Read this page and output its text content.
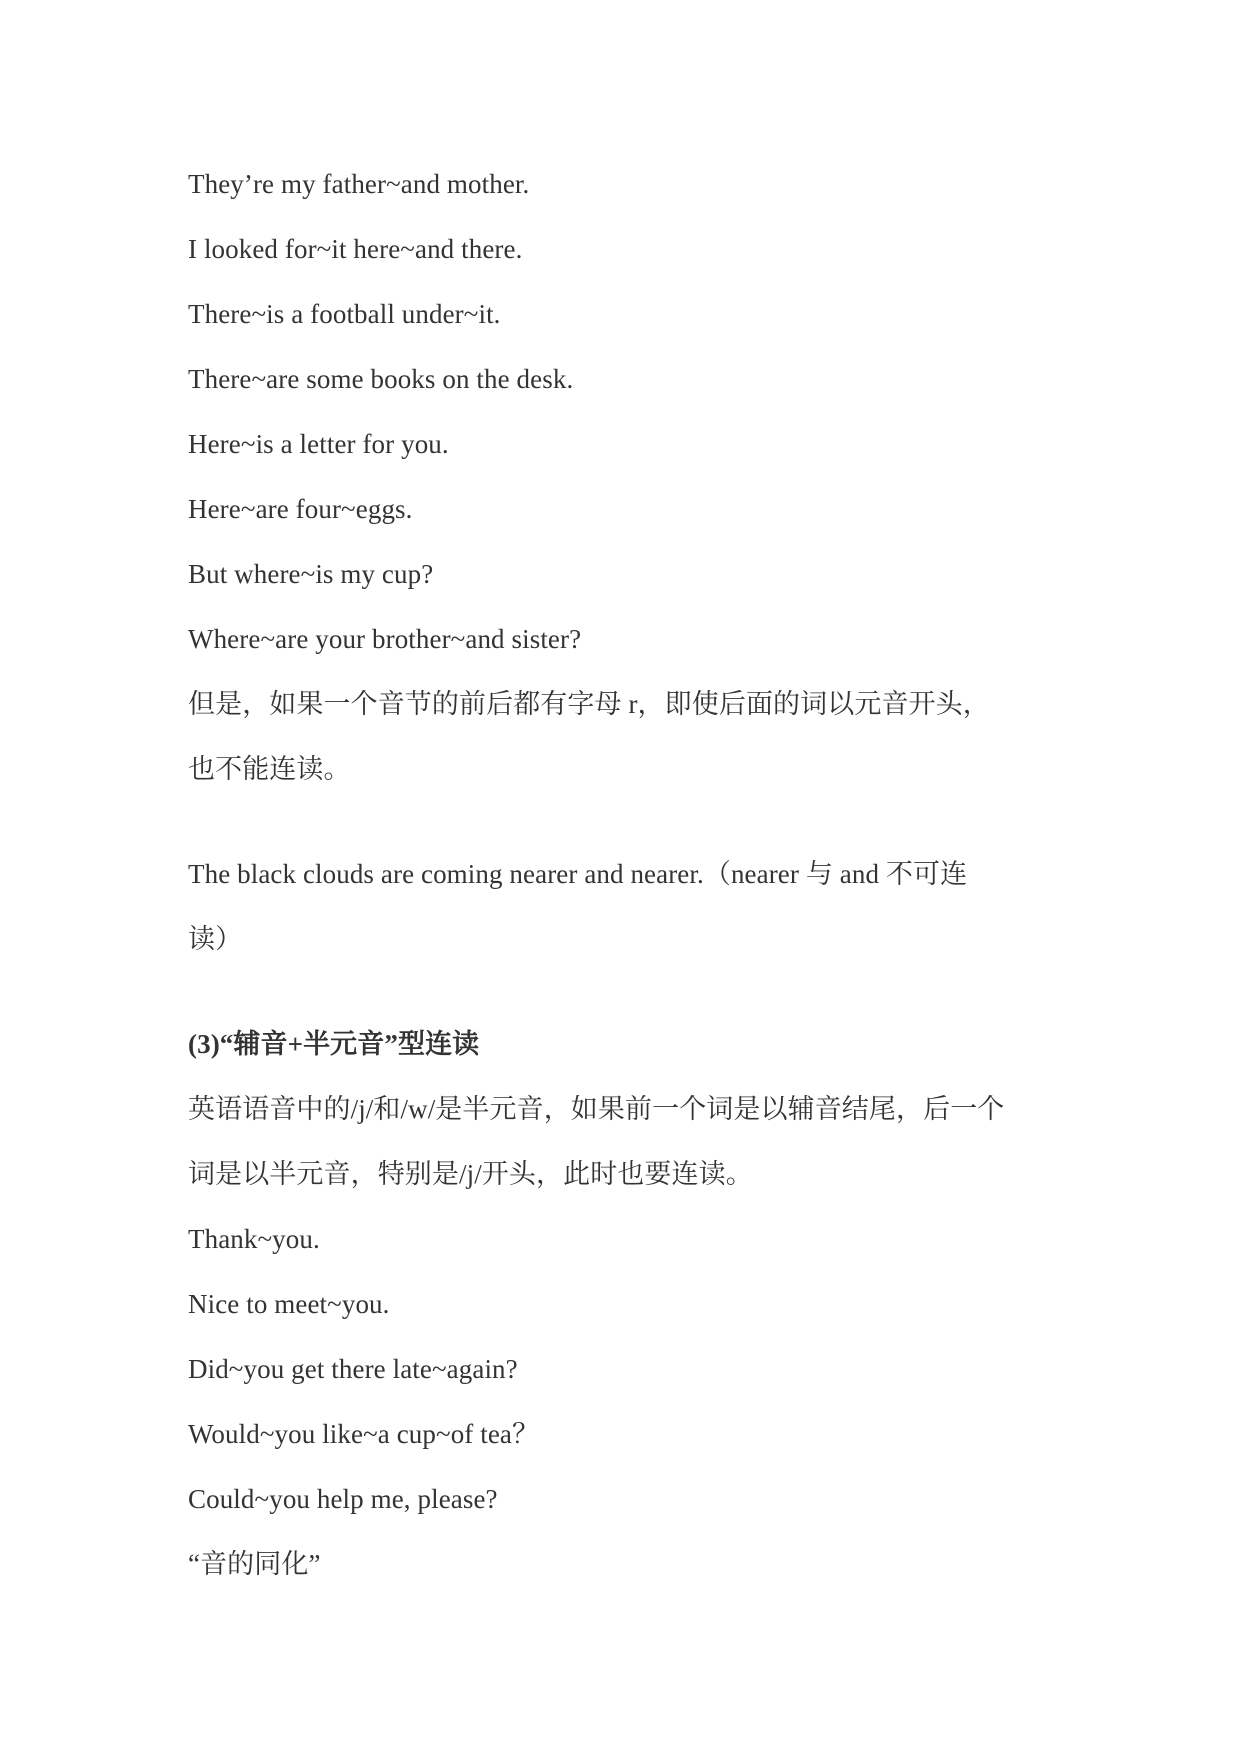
They’re my father~and mother.
I looked for~it here~and there.
There~is a football under~it.
There~are some books on the desk.
Here~is a letter for you.
Here~are four~eggs.
But where~is my cup?
Where~are your brother~and sister?
但是，如果一个音节的前后都有字母 r，即使后面的词以元音开头，
也不能连读。
The black clouds are coming nearer and nearer.（nearer 与 and 不可连
读）
(3)“辅音+半元音”型连读
英语语音中的/j/和/w/是半元音，如果前一个词是以辅音结尾，后一个
词是以半元音，特别是/j/开头，此时也要连读。
Thank~you.
Nice to meet~you.
Did~you get there late~again?
Would~you like~a cup~of tea？
Could~you help me, please?
“音的同化”
